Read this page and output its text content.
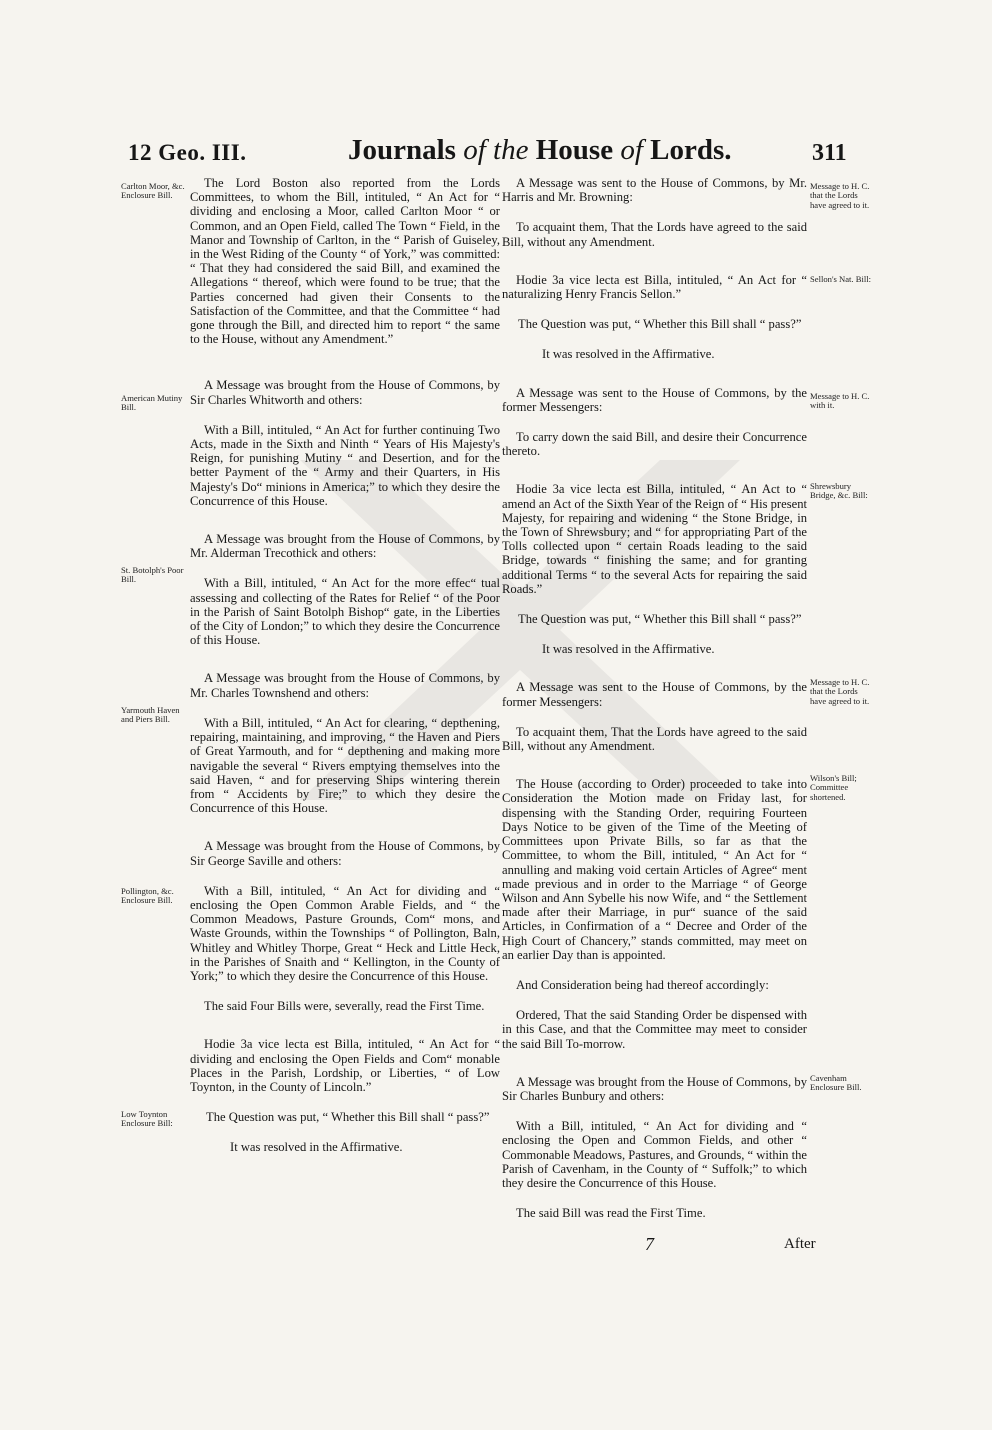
12 Geo. III.	Journals of the House of Lords.	311
Carlton Moor, &c. Enclosure Bill.
American Mutiny Bill.
St. Botolph's Poor Bill.
Yarmouth Haven and Piers Bill.
Pollington, &c. Enclosure Bill.
Low Toynton Enclosure Bill:
Message to H. C. that the Lords have agreed to it.
Sellon's Nat. Bill:
Message to H. C. with it.
Shrewsbury Bridge, &c. Bill:
Message to H. C. that the Lords have agreed to it.
Wilson's Bill; Committee shortened.
Cavenham Enclosure Bill.

The Lord Boston also reported from the Lords Committees, to whom the Bill, intituled, “ An Act for “ dividing and enclosing a Moor, called Carlton Moor “ or Common, and an Open Field, called The Town “ Field, in the Manor and Township of Carlton, in the “ Parish of Guiseley, in the West Riding of the County “ of York,” was committed: “ That they had considered the said Bill, and examined the Allegations “ thereof, which were found to be true; that the Parties concerned had given their Consents to the Satisfaction of the Committee, and that the Committee “ had gone through the Bill, and directed him to report “ the same to the House, without any Amendment.”

A Message was brought from the House of Commons, by Sir Charles Whitworth and others:

With a Bill, intituled, “ An Act for further continuing Two Acts, made in the Sixth and Ninth “ Years of His Majesty's Reign, for punishing Mutiny “ and Desertion, and for the better Payment of the “ Army and their Quarters, in His Majesty's Do“ minions in America;” to which they desire the Concurrence of this House.

A Message was brought from the House of Commons, by Mr. Alderman Trecothick and others:

With a Bill, intituled, “ An Act for the more effec“ tual assessing and collecting of the Rates for Relief “ of the Poor in the Parish of Saint Botolph Bishop“ gate, in the Liberties of the City of London;” to which they desire the Concurrence of this House.

A Message was brought from the House of Commons, by Mr. Charles Townshend and others:

With a Bill, intituled, “ An Act for clearing, “ depthening, repairing, maintaining, and improving, “ the Haven and Piers of Great Yarmouth, and for “ depthening and making more navigable the several “ Rivers emptying themselves into the said Haven, “ and for preserving Ships wintering therein from “ Accidents by Fire;” to which they desire the Concurrence of this House.

A Message was brought from the House of Commons, by Sir George Saville and others:

With a Bill, intituled, “ An Act for dividing and “ enclosing the Open Common Arable Fields, and “ the Common Meadows, Pasture Grounds, Com“ mons, and Waste Grounds, within the Townships “ of Pollington, Baln, Whitley and Whitley Thorpe, Great “ Heck and Little Heck, in the Parishes of Snaith and “ Kellington, in the County of York;” to which they desire the Concurrence of this House.

The said Four Bills were, severally, read the First Time.

Hodie 3a vice lecta est Billa, intituled, “ An Act for “ dividing and enclosing the Open Fields and Com“ monable Places in the Parish, Lordship, or Liberties, “ of Low Toynton, in the County of Lincoln.”

The Question was put, “ Whether this Bill shall “ pass?”

It was resolved in the Affirmative.

A Message was sent to the House of Commons, by Mr. Harris and Mr. Browning:

To acquaint them, That the Lords have agreed to the said Bill, without any Amendment.

Hodie 3a vice lecta est Billa, intituled, “ An Act for “ naturalizing Henry Francis Sellon.”

The Question was put, “ Whether this Bill shall “ pass?”

It was resolved in the Affirmative.

A Message was sent to the House of Commons, by the former Messengers:

To carry down the said Bill, and desire their Concurrence thereto.

Hodie 3a vice lecta est Billa, intituled, “ An Act to “ amend an Act of the Sixth Year of the Reign of “ His present Majesty, for repairing and widening “ the Stone Bridge, in the Town of Shrewsbury; and “ for appropriating Part of the Tolls collected upon “ certain Roads leading to the said Bridge, towards “ finishing the same; and for granting additional Terms “ to the several Acts for repairing the said Roads.”

The Question was put, “ Whether this Bill shall “ pass?”

It was resolved in the Affirmative.

A Message was sent to the House of Commons, by the former Messengers:

To acquaint them, That the Lords have agreed to the said Bill, without any Amendment.

The House (according to Order) proceeded to take into Consideration the Motion made on Friday last, for dispensing with the Standing Order, requiring Fourteen Days Notice to be given of the Time of the Meeting of Committees upon Private Bills, so far as that the Committee, to whom the Bill, intituled, “ An Act for “ annulling and making void certain Articles of Agree“ ment made previous and in order to the Marriage “ of George Wilson and Ann Sybelle his now Wife, and “ the Settlement made after their Marriage, in pur“ suance of the said Articles, in Confirmation of a “ Decree and Order of the High Court of Chancery,” stands committed, may meet on an earlier Day than is appointed.

And Consideration being had thereof accordingly:

Ordered, That the said Standing Order be dispensed with in this Case, and that the Committee may meet to consider the said Bill To-morrow.

A Message was brought from the House of Commons, by Sir Charles Bunbury and others:

With a Bill, intituled, “ An Act for dividing and “ enclosing the Open and Common Fields, and other “ Commonable Meadows, Pastures, and Grounds, “ within the Parish of Cavenham, in the County of “ Suffolk;” to which they desire the Concurrence of this House.

The said Bill was read the First Time.

7	After
